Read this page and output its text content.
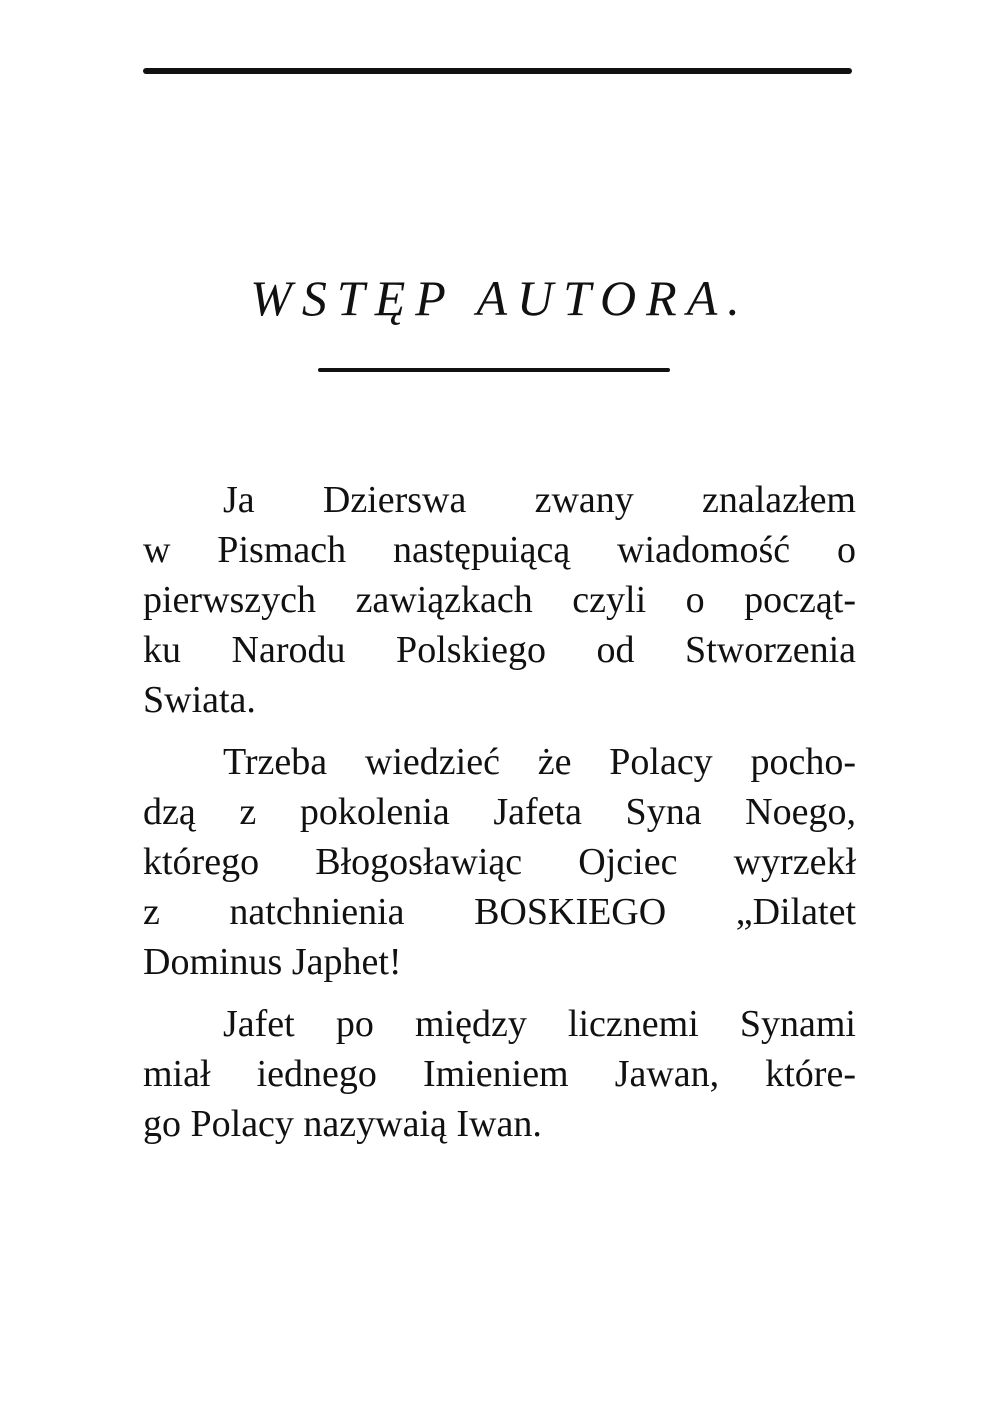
WSTĘP AUTORA.
Ja Dzierswa zwany znalazłem
w Pismach następuiącą wiadomość o
pierwszych zawiązkach czyli o począt-
ku Narodu Polskiego od Stworzenia
Swiata.
Trzeba wiedzieć że Polacy pocho-
dzą z pokolenia Jafeta Syna Noego,
którego Błogosławiąc Ojciec wyrzekł
z natchnienia BOSKIEGO „Dilatet
Dominus Japhet!
Jafet po między licznemi Synami
miał iednego Imieniem Jawan, które-
go Polacy nazywaią Iwan.
